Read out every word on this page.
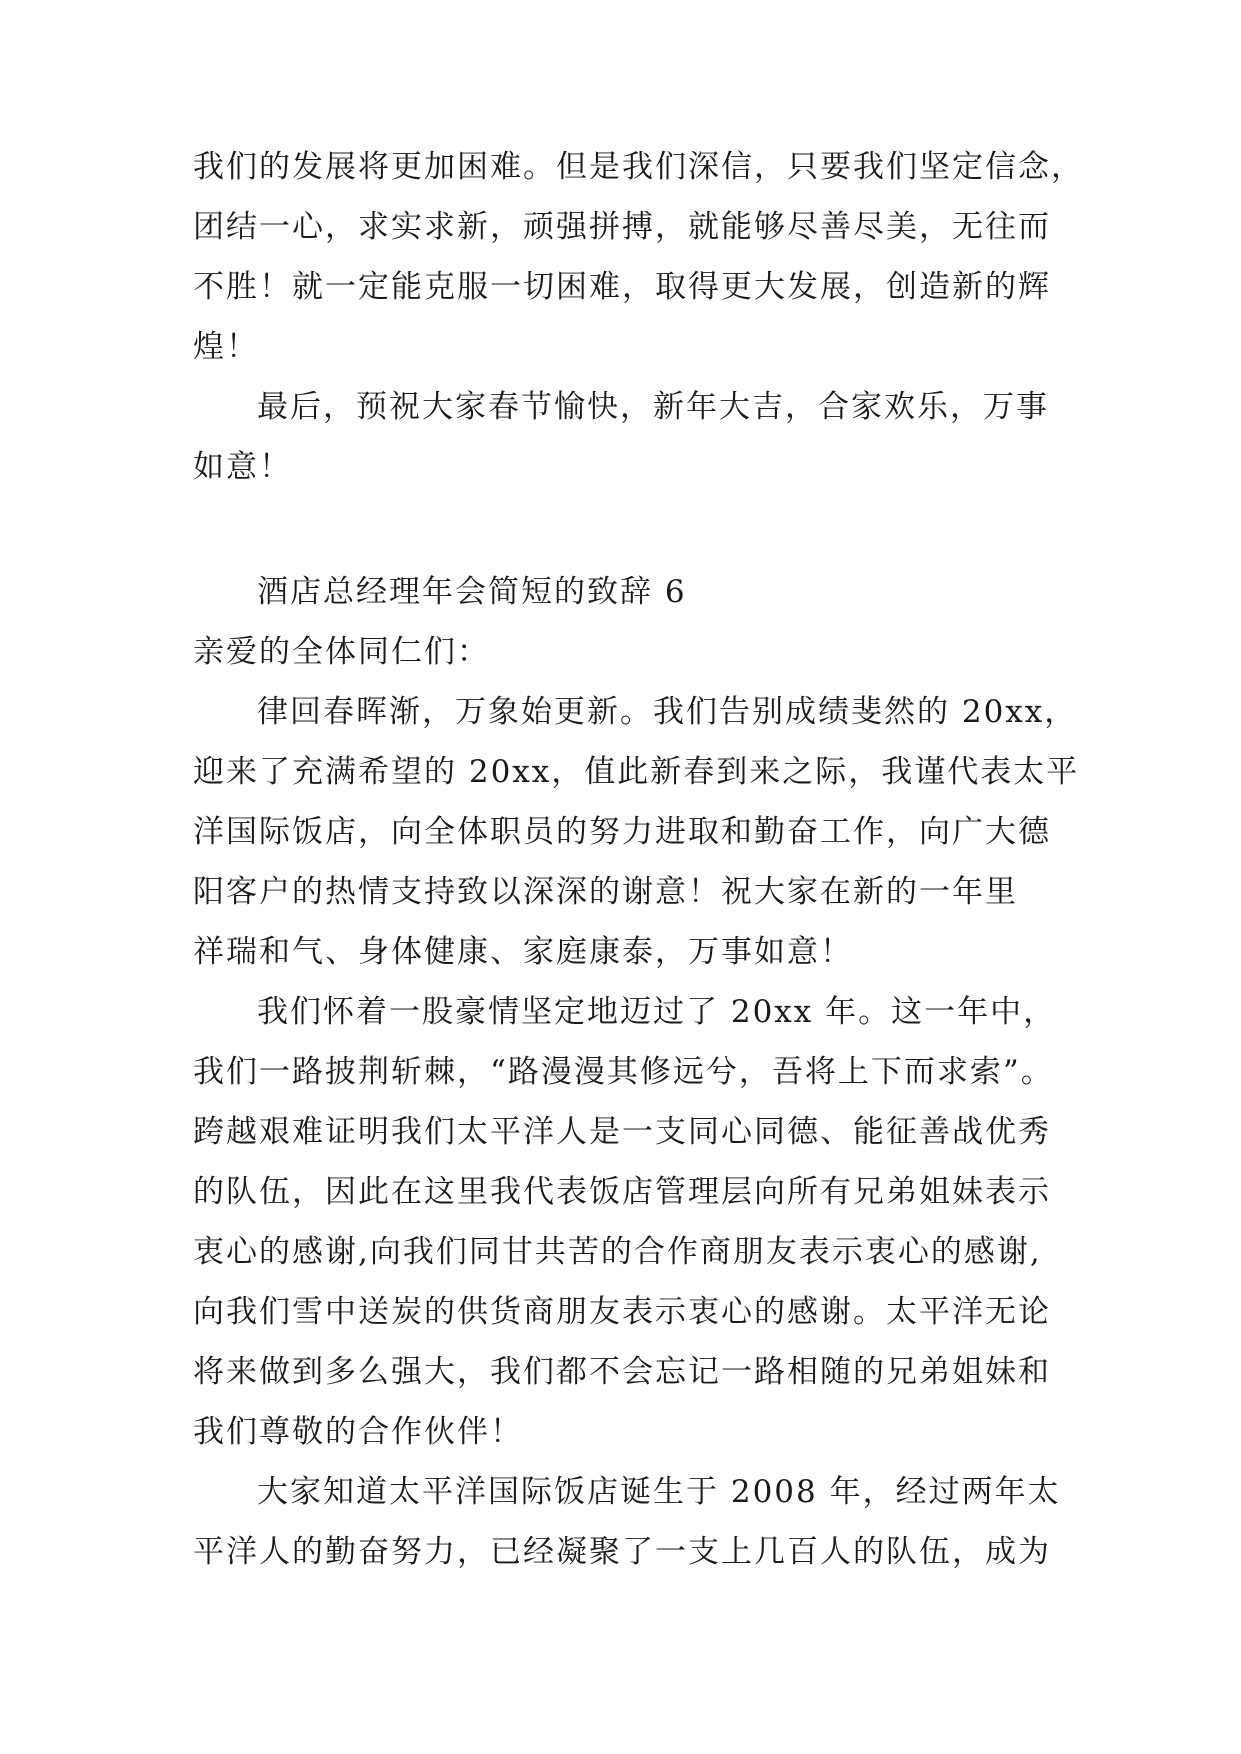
我们的发展将更加困难。但是我们深信，只要我们坚定信念，
团结一心，求实求新，顽强拼搏，就能够尽善尽美，无往而
不胜！就一定能克服一切困难，取得更大发展，创造新的辉
煌！
最后，预祝大家春节愉快，新年大吉，合家欢乐，万事
如意！
酒店总经理年会简短的致辞 6
亲爱的全体同仁们：
律回春晖渐，万象始更新。我们告别成绩斐然的 20xx，
迎来了充满希望的 20xx，值此新春到来之际，我谨代表太平
洋国际饭店，向全体职员的努力进取和勤奋工作，向广大德
阳客户的热情支持致以深深的谢意！祝大家在新的一年里
祥瑞和气、身体健康、家庭康泰，万事如意！
我们怀着一股豪情坚定地迈过了 20xx 年。这一年中，
我们一路披荆斩棘，“路漫漫其修远兮，吾将上下而求索”。
跨越艰难证明我们太平洋人是一支同心同德、能征善战优秀
的队伍，因此在这里我代表饭店管理层向所有兄弟姐妹表示
衷心的感谢,向我们同甘共苦的合作商朋友表示衷心的感谢,
向我们雪中送炭的供货商朋友表示衷心的感谢。太平洋无论
将来做到多么强大，我们都不会忘记一路相随的兄弟姐妹和
我们尊敬的合作伙伴！
大家知道太平洋国际饭店诞生于 2008 年，经过两年太
平洋人的勤奋努力，已经凝聚了一支上几百人的队伍，成为
